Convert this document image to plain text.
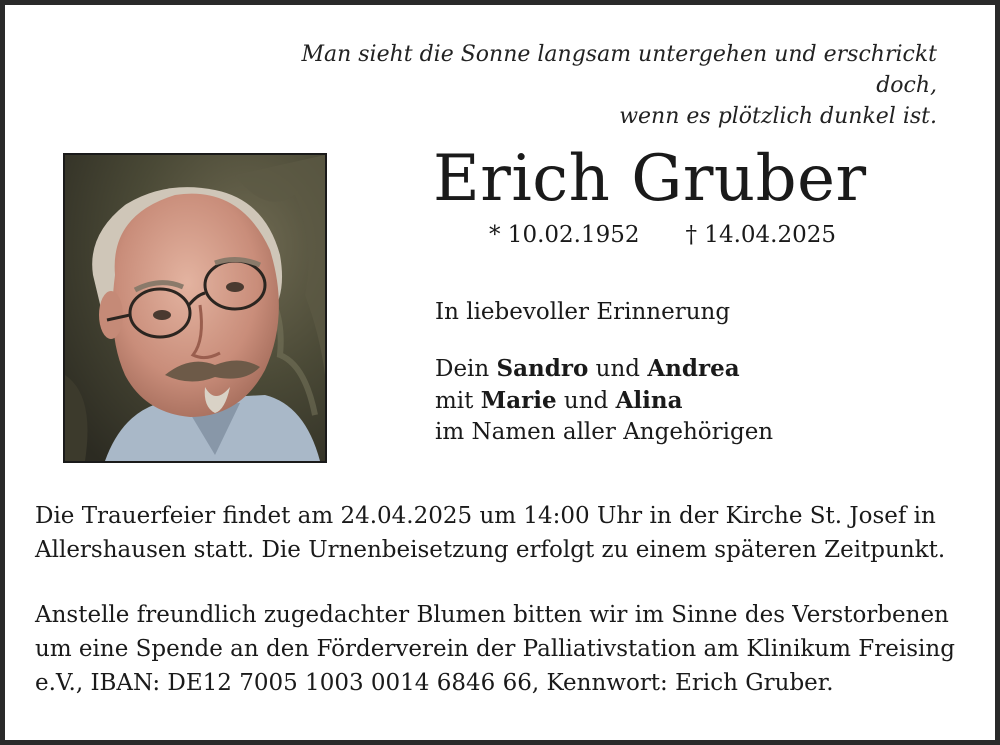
Man sieht die Sonne langsam untergehen und erschrickt doch,
wenn es plötzlich dunkel ist.
Erich Gruber
* 10.02.1952 † 14.04.2025
In liebevoller Erinnerung
Dein Sandro und Andrea
mit Marie und Alina
im Namen aller Angehörigen
Die Trauerfeier findet am 24.04.2025 um 14:00 Uhr in der Kirche St. Josef in
Allershausen statt. Die Urnenbeisetzung erfolgt zu einem späteren Zeitpunkt.
Anstelle freundlich zugedachter Blumen bitten wir im Sinne des Verstorbenen
um eine Spende an den Förderverein der Palliativstation am Klinikum Freising
e.V., IBAN: DE12 7005 1003 0014 6846 66, Kennwort: Erich Gruber.
